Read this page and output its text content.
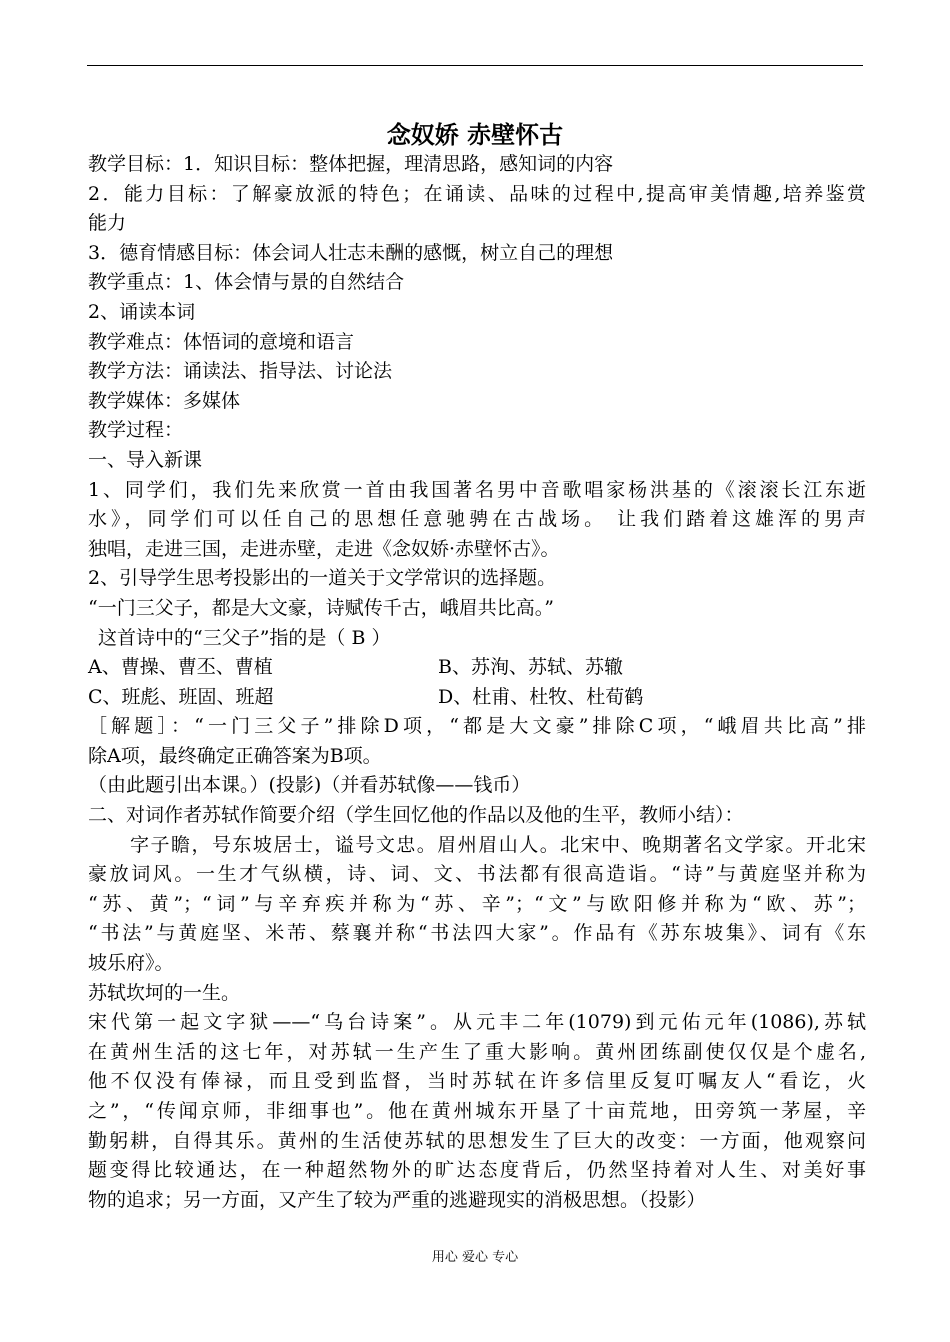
念奴娇 赤壁怀古
教学目标：1．知识目标：整体把握，理清思路，感知词的内容
2．能力目标：了解豪放派的特色；在诵读、品味的过程中,提高审美情趣,培养鉴赏
能力
3．德育情感目标：体会词人壮志未酬的感慨，树立自己的理想
教学重点：1、体会情与景的自然结合
2、诵读本词
教学难点：体悟词的意境和语言
教学方法：诵读法、指导法、讨论法
教学媒体：多媒体
教学过程：
一、导入新课
1、同学们，我们先来欣赏一首由我国著名男中音歌唱家杨洪基的《滚滚长江东逝
水》，同学们可以任自己的思想任意驰骋在古战场。 让我们踏着这雄浑的男声
独唱，走进三国，走进赤壁，走进《念奴娇·赤壁怀古》。
2、引导学生思考投影出的一道关于文学常识的选择题。
“一门三父子，都是大文豪，诗赋传千古，峨眉共比高。”
这首诗中的“三父子”指的是（ B ）
A、曹操、曹丕、曹植	B、苏洵、苏轼、苏辙
C、班彪、班固、班超	D、杜甫、杜牧、杜荀鹤
［解题］：“一门三父子”排除D项，“都是大文豪”排除C项，“峨眉共比高”排
除A项，最终确定正确答案为B项。
（由此题引出本课。）(投影)（并看苏轼像——钱币）
二、对词作者苏轼作简要介绍（学生回忆他的作品以及他的生平，教师小结）：
字子瞻，号东坡居士，谥号文忠。眉州眉山人。北宋中、晚期著名文学家。开北宋
豪放词风。一生才气纵横，诗、词、文、书法都有很高造诣。“诗”与黄庭坚并称为
“苏、黄”；“词”与辛弃疾并称为“苏、辛”；“文”与欧阳修并称为“欧、苏”；
“书法”与黄庭坚、米芾、蔡襄并称“书法四大家”。作品有《苏东坡集》、词有《东
坡乐府》。
苏轼坎坷的一生。
宋代第一起文字狱——“乌台诗案”。从元丰二年(1079)到元佑元年(1086),苏轼
在黄州生活的这七年，对苏轼一生产生了重大影响。黄州团练副使仅仅是个虚名,
他不仅没有俸禄，而且受到监督，当时苏轼在许多信里反复叮嘱友人“看讫，火
之”，“传闻京师，非细事也”。他在黄州城东开垦了十亩荒地，田旁筑一茅屋，辛
勤躬耕，自得其乐。黄州的生活使苏轼的思想发生了巨大的改变：一方面，他观察问
题变得比较通达，在一种超然物外的旷达态度背后，仍然坚持着对人生、对美好事
物的追求；另一方面，又产生了较为严重的逃避现实的消极思想。（投影）
用心 爱心 专心
